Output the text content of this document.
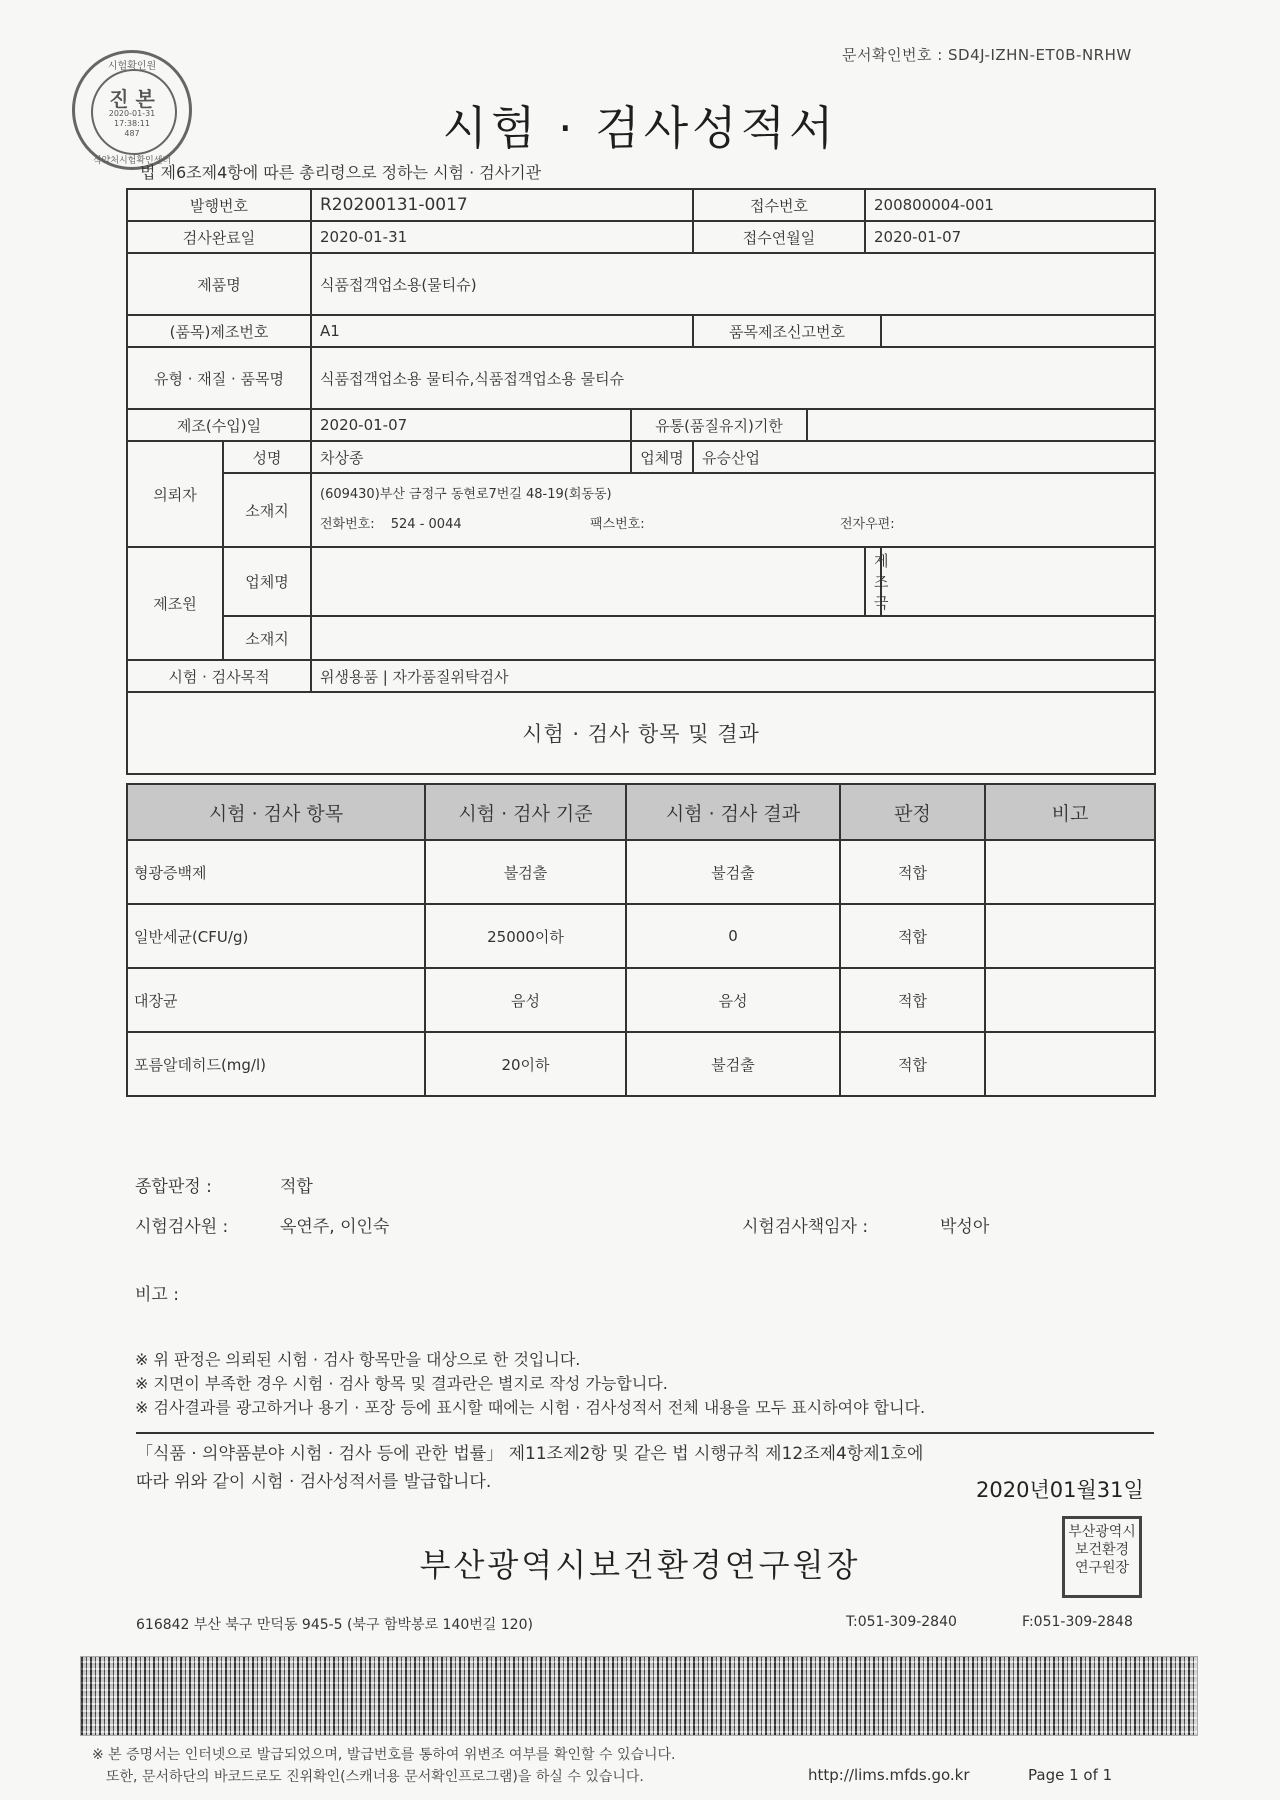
문서확인번호 : SD4J-IZHN-ET0B-NRHW
시험확인원
진 본
2020-01-31
17:38:11
487
식약처시험확인센터
시험 · 검사성적서
법 제6조제4항에 따른 총리령으로 정하는 시험 · 검사기관
발행번호		R20200131-0017		접수번호		200800004-001	
검사완료일		2020-01-31		접수연월일		2020-01-07	
제품명		식품접객업소용(물티슈)					
(품목)제조번호		A1		품목제조신고번호			
유형 · 재질 · 품목명		식품접객업소용 물티슈,식품접객업소용 물티슈					
제조(수입)일		2020-01-07	유통(품질유지)기한				
의뢰자	성명	차상종	업체명	유승산업			
	소재지	(609430)부산 금정구 동현로7번길 48-19(회동동)
전화번호: 524 - 0044 팩스번호: 전자우편:					

제조원	업체명					제조국	
	소재지						
시험 · 검사목적		위생용품 | 자가품질위탁검사					
시험 · 검사 항목 및 결과							
시험 · 검사 항목	시험 · 검사 기준	시험 · 검사 결과	판정	비고
형광증백제	불검출	불검출	적합	
일반세균(CFU/g)	25000이하	0	적합	
대장균	음성	음성	적합	
포름알데히드(mg/l)	20이하	불검출	적합	
종합판정 :	적합
시험검사원 :	옥연주, 이인숙	시험검사책임자 :	박성아
비고 :
※ 위 판정은 의뢰된 시험 · 검사 항목만을 대상으로 한 것입니다.
※ 지면이 부족한 경우 시험 · 검사 항목 및 결과란은 별지로 작성 가능합니다.
※ 검사결과를 광고하거나 용기 · 포장 등에 표시할 때에는 시험 · 검사성적서 전체 내용을 모두 표시하여야 합니다.
「식품 · 의약품분야 시험 · 검사 등에 관한 법률」 제11조제2항 및 같은 법 시행규칙 제12조제4항제1호에
따라 위와 같이 시험 · 검사성적서를 발급합니다.	2020년01월31일
부산광역시보건환경연구원장
부산광역시
보건환경
연구원장
616842 부산 북구 만덕동 945-5 (북구 함박봉로 140번길 120)	T:051-309-2840	F:051-309-2848
※ 본 증명서는 인터넷으로 발급되었으며, 발급번호를 통하여 위변조 여부를 확인할 수 있습니다.
또한, 문서하단의 바코드로도 진위확인(스캐너용 문서확인프로그램)을 하실 수 있습니다.	http://lims.mfds.go.kr	Page 1 of 1
